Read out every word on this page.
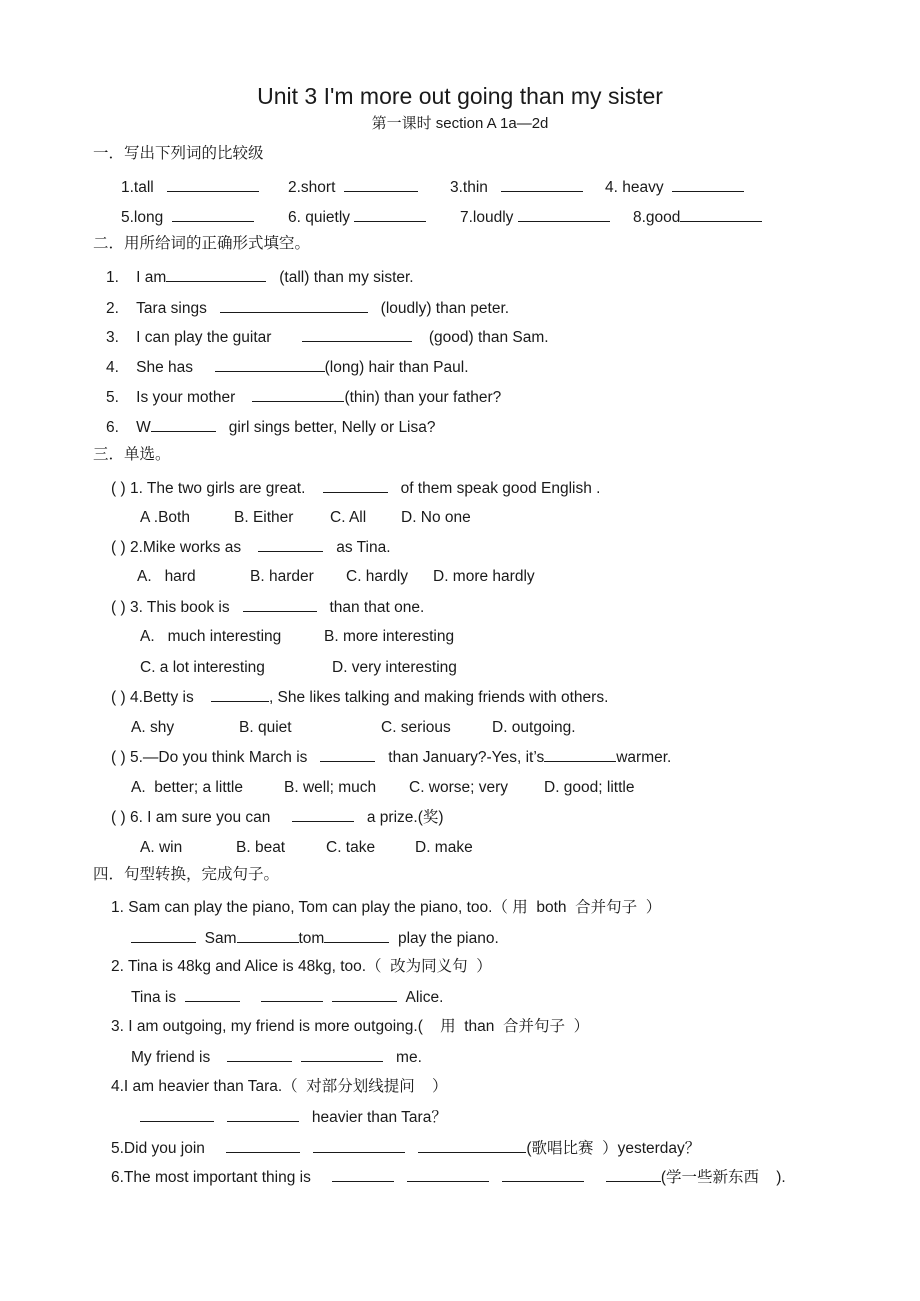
Unit 3 I'm more out going than my sister
第一课时 section A 1a—2d
一．写出下列词的比较级
1.tall	2.short	3.thin	4. heavy
5.long	6. quietly	7.loudly	8.good
二．用所给词的正确形式填空。
1. I am	(tall) than my sister.
2. Tara sings	(loudly) than peter.
3. I can play the guitar	(good) than Sam.
4. She has	(long) hair than Paul.
5. Is your mother	(thin) than your father?
6. W	girl sings better, Nelly or Lisa?
三．单选。
( ) 1. The two girls are great.	of them speak good English .
A .Both	B. Either C. All D. No one
( ) 2.Mike works as	as Tina.
A.   hard	B. harder C. hardly D. more hardly
( ) 3. This book is	than that one.
A.   much interesting	B. more interesting
C. a lot interesting	D. very interesting
( ) 4.Betty is	, She likes talking and making friends with others.
A. shy	B. quiet	C. serious	D. outgoing.
( ) 5.—Do you think March is	than January?-Yes, it’s	warmer.
A.  better; a little	B. well; much C. worse; very D. good; little
( ) 6. I am sure you can	a prize.(奖)
A. win	B. beat	C. take	D. make
四．句型转换，完成句子。
1. Sam can play the piano, Tom can play the piano, too.（ 用  both  合并句子  ）
Sam	tom	play the piano.
2. Tina is 48kg and Alice is 48kg, too.（  改为同义句  ）
Tina is	Alice.
3. I am outgoing, my friend is more outgoing.(    用  than  合并句子  ）
My friend is	me.
4.I am heavier than Tara.（  对部分划线提问    ）
heavier than Tara？
5.Did you join	(歌唱比赛  ）yesterday？
6.The most important thing is	(学一些新东西    ).
